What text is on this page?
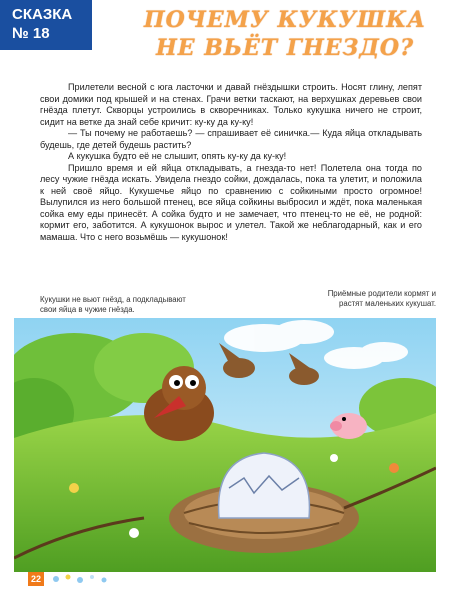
СКАЗКА
№ 18
ПОЧЕМУ КУКУШКА
НЕ ВЬЁТ ГНЕЗДО?

Прилетели весной с юга ласточки и давай гнёздышки строить. Носят глину, лепят свои домики под крышей и на стенах. Грачи ветки таскают, на верхушках деревьев свои гнёзда плетут. Скворцы устроились в скворечниках. Только кукушка ничего не строит, сидит на ветке да знай себе кричит: ку-ку да ку-ку!

— Ты почему не работаешь? — спрашивает её синичка.— Куда яйца откладывать будешь, где детей будешь растить?

А кукушка будто её не слышит, опять ку-ку да ку-ку!

Пришло время и ей яйца откладывать, а гнезда-то нет! Полетела она тогда по лесу чужие гнёзда искать. Увидела гнездо сойки, дождалась, пока та улетит, и положила к ней своё яйцо. Кукушечье яйцо по сравнению с сойкиными просто огромное! Вылупился из него большой птенец, все яйца сойкины выбросил и ждёт, пока маленькая сойка ему еды принесёт. А сойка будто и не замечает, что птенец-то не её, не родной: кормит его, заботится. А кукушонок вырос и улетел. Такой же неблагодарный, как и его мамаша. Что с него возьмёшь — кукушонок!

Кукушки не вьют гнёзд, а подкладывают свои яйца в чужие гнёзда.
Приёмные родители кормят и растят маленьких кукушат.
22
